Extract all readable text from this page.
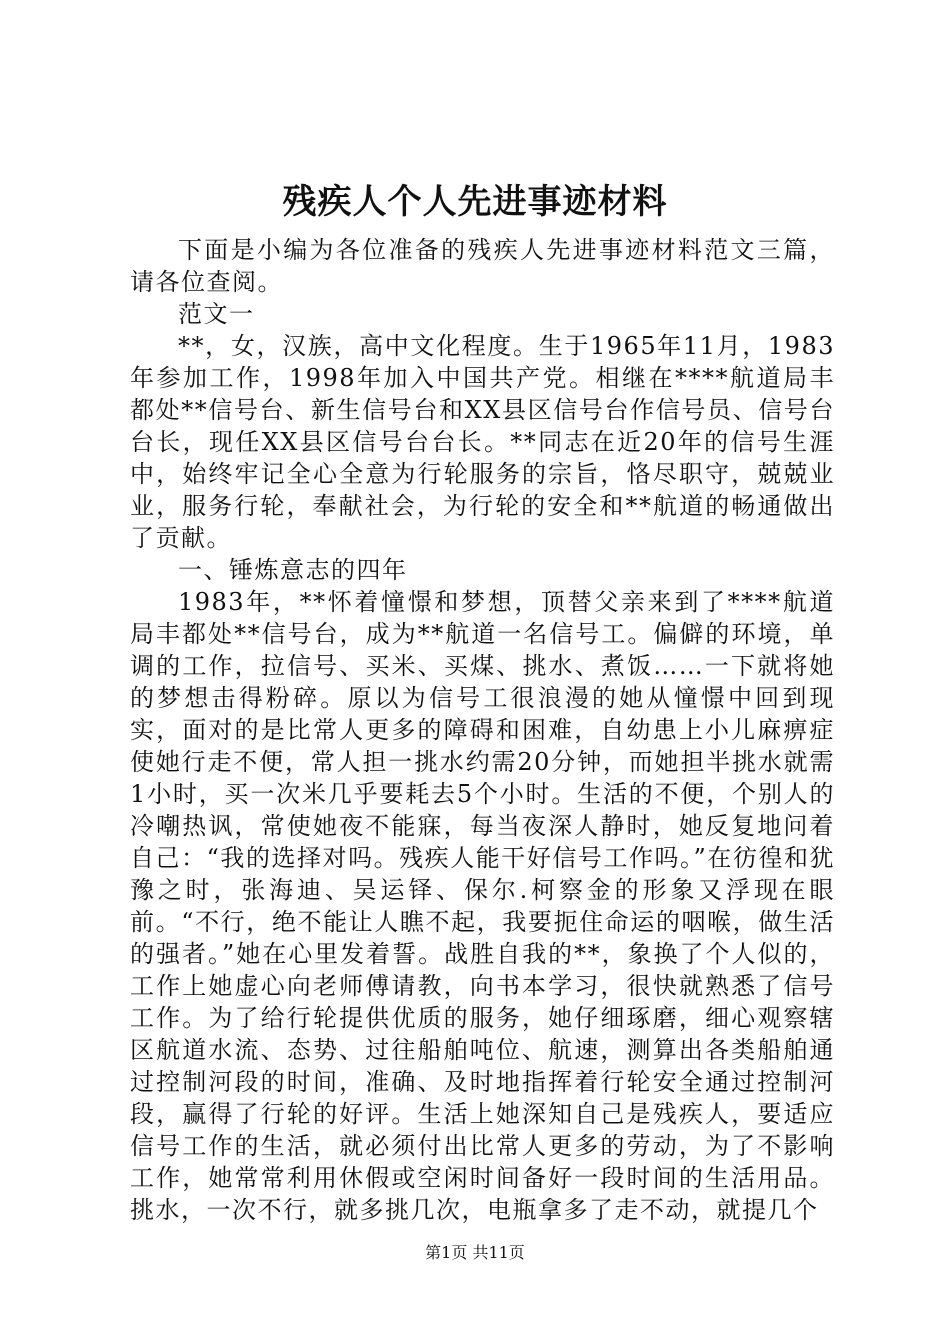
残疾人个人先进事迹材料

下面是小编为各位准备的残疾人先进事迹材料范文三篇，请各位查阅。

范文一

**，女，汉族，高中文化程度。生于1965年11月，1983年参加工作，1998年加入中国共产党。相继在****航道局丰都处**信号台、新生信号台和XX县区信号台作信号员、信号台台长，现任XX县区信号台台长。**同志在近20年的信号生涯中，始终牢记全心全意为行轮服务的宗旨，恪尽职守，兢兢业业，服务行轮，奉献社会，为行轮的安全和**航道的畅通做出了贡献。

一、锤炼意志的四年

1983年，**怀着憧憬和梦想，顶替父亲来到了****航道局丰都处**信号台，成为**航道一名信号工。偏僻的环境，单调的工作，拉信号、买米、买煤、挑水、煮饭……一下就将她的梦想击得粉碎。原以为信号工很浪漫的她从憧憬中回到现实，面对的是比常人更多的障碍和困难，自幼患上小儿麻痹症使她行走不便，常人担一挑水约需20分钟，而她担半挑水就需1小时，买一次米几乎要耗去5个小时。生活的不便，个别人的冷嘲热讽，常使她夜不能寐，每当夜深人静时，她反复地问着自己：“我的选择对吗。残疾人能干好信号工作吗。”在彷徨和犹豫之时，张海迪、吴运铎、保尔.柯察金的形象又浮现在眼前。“不行，绝不能让人瞧不起，我要扼住命运的咽喉，做生活的强者。”她在心里发着誓。战胜自我的**，象换了个人似的，工作上她虚心向老师傅请教，向书本学习，很快就熟悉了信号工作。为了给行轮提供优质的服务，她仔细琢磨，细心观察辖区航道水流、态势、过往船舶吨位、航速，测算出各类船舶通过控制河段的时间，准确、及时地指挥着行轮安全通过控制河段，赢得了行轮的好评。生活上她深知自己是残疾人，要适应信号工作的生活，就必须付出比常人更多的劳动，为了不影响工作，她常常利用休假或空闲时间备好一段时间的生活用品。挑水，一次不行，就多挑几次，电瓶拿多了走不动，就提几个

第1页 共11页
